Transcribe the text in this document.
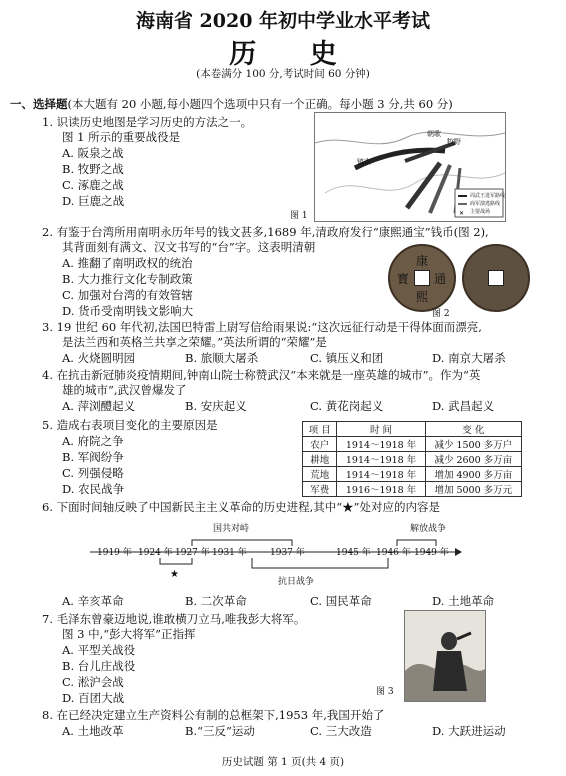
海南省 2020 年初中学业水平考试
历 史
(本卷满分 100 分,考试时间 60 分钟)
一、选择题(本大题有 20 小题,每小题四个选项中只有一个正确。每小题 3 分,共 60 分)
1. 识读历史地图是学习历史的方法之一。
图 1 所示的重要战役是
A. 阪泉之战
B. 牧野之战
C. 涿鹿之战
D. 巨鹿之战
✕
镐京
牧野
朝歌
周武王进军路线
商军溃逃路线
主要战场
图 1
2. 有鉴于台湾所用南明永历年号的钱文甚多,1689 年,清政府发行“康熙通宝”钱币(图 2),
其背面刻有满文、汉文书写的“台”字。这表明清朝
A. 推翻了南明政权的统治
B. 大力推行文化专制政策
C. 加强对台湾的有效管辖
D. 货币受南明钱文影响大
康
熙
通
寳
图 2
3. 19 世纪 60 年代初,法国巴特雷上尉写信给雨果说:“这次远征行动是干得体面而漂亮,
是法兰西和英格兰共享之荣耀。”英法所谓的“荣耀”是
A. 火烧圆明园	B. 旅顺大屠杀	C. 镇压义和团	D. 南京大屠杀
4. 在抗击新冠肺炎疫情期间,钟南山院士称赞武汉“本来就是一座英雄的城市”。作为“英
雄的城市”,武汉曾爆发了
A. 萍浏醴起义	B. 安庆起义	C. 黄花岗起义	D. 武昌起义
5. 造成右表项目变化的主要原因是
A. 府院之争
B. 军阀纷争
C. 列强侵略
D. 农民战争
项 目	时 间	变 化
农户	1914～1918 年	减少 1500 多万户
耕地	1914～1918 年	减少 2600 多万亩
荒地	1914～1918 年	增加 4900 多万亩
军费	1916～1918 年	增加 5000 多万元
6. 下面时间轴反映了中国新民主主义革命的历史进程,其中“★”处对应的内容是
国共对峙	解放战争
1919 年 1924 年 1927 年 1931 年	1937 年	1945 年 1946 年 1949 年
★
抗日战争
A. 辛亥革命	B. 二次革命	C. 国民革命	D. 土地革命
7. 毛泽东曾豪迈地说,谁敢横刀立马,唯我彭大将军。
图 3 中,“彭大将军”正指挥
A. 平型关战役
B. 台儿庄战役
C. 淞沪会战
D. 百团大战	图 3
8. 在已经决定建立生产资料公有制的总框架下,1953 年,我国开始了
A. 土地改革	B.“三反”运动	C. 三大改造	D. 大跃进运动
历史试题 第 1 页(共 4 页)
